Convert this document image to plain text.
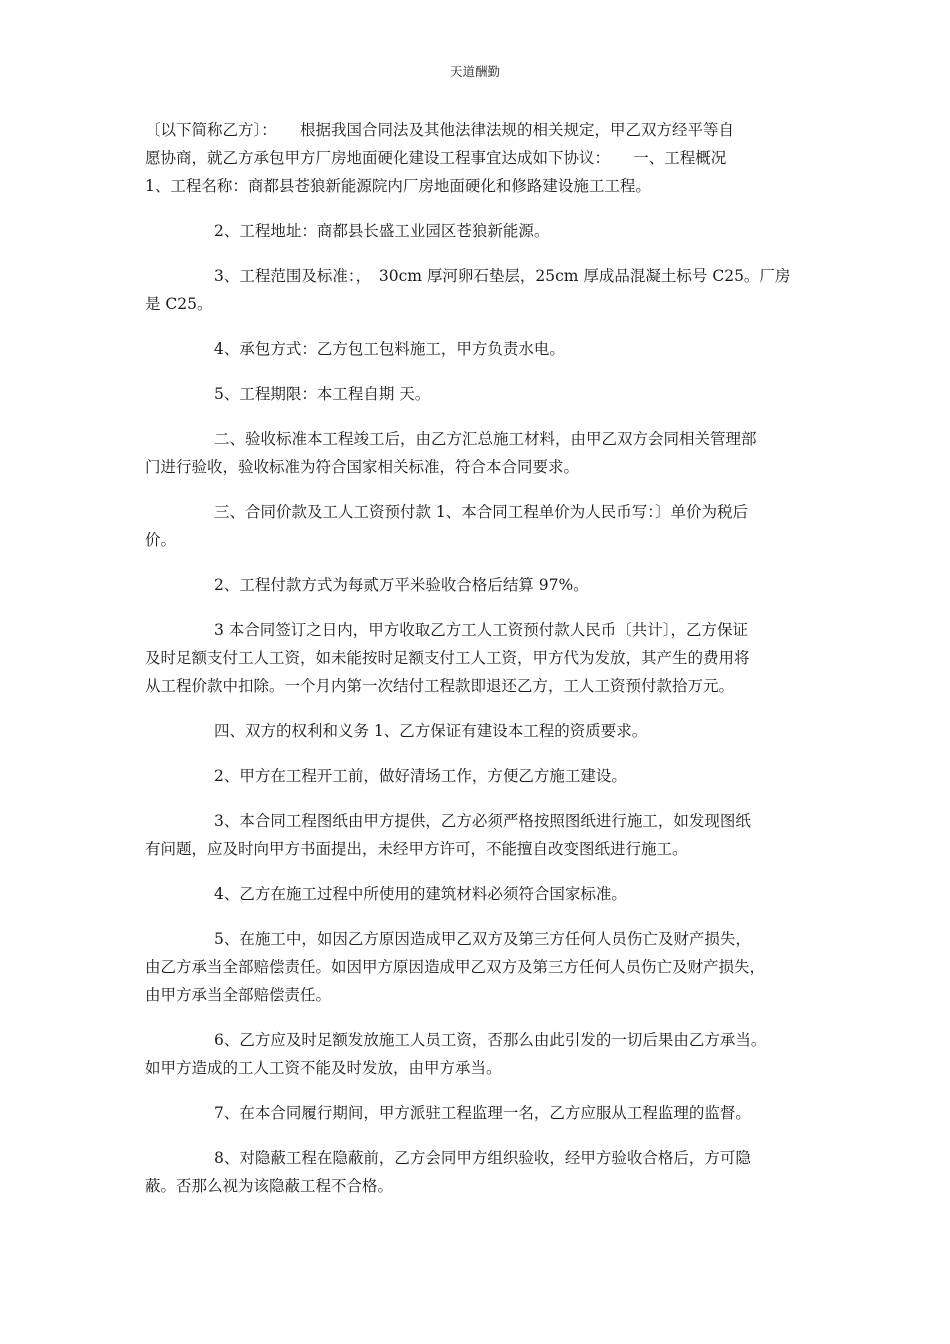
天道酬勤
〔以下简称乙方〕：　　根据我国合同法及其他法律法规的相关规定，甲乙双方经平等自
愿协商，就乙方承包甲方厂房地面硬化建设工程事宜达成如下协议：　　一、工程概况
1、工程名称：商都县苍狼新能源院内厂房地面硬化和修路建设施工工程。
2、工程地址：商都县长盛工业园区苍狼新能源。
3、工程范围及标准：，　30cm 厚河卵石垫层，25cm 厚成品混凝土标号 C25。厂房
是 C25。
4、承包方式：乙方包工包料施工，甲方负责水电。
5、工程期限：本工程自期 天。
二、验收标准本工程竣工后，由乙方汇总施工材料，由甲乙双方会同相关管理部
门进行验收，验收标准为符合国家相关标准，符合本合同要求。
三、合同价款及工人工资预付款 1、本合同工程单价为人民币写：〕单价为税后
价。
2、工程付款方式为每贰万平米验收合格后结算 97%。
3 本合同签订之日内，甲方收取乙方工人工资预付款人民币〔共计〕，乙方保证
及时足额支付工人工资，如未能按时足额支付工人工资，甲方代为发放，其产生的费用将
从工程价款中扣除。一个月内第一次结付工程款即退还乙方，工人工资预付款拾万元。
四、双方的权利和义务 1、乙方保证有建设本工程的资质要求。
2、甲方在工程开工前，做好清场工作，方便乙方施工建设。
3、本合同工程图纸由甲方提供，乙方必须严格按照图纸进行施工，如发现图纸
有问题，应及时向甲方书面提出，未经甲方许可，不能擅自改变图纸进行施工。
4、乙方在施工过程中所使用的建筑材料必须符合国家标准。
5、在施工中，如因乙方原因造成甲乙双方及第三方任何人员伤亡及财产损失，
由乙方承当全部赔偿责任。如因甲方原因造成甲乙双方及第三方任何人员伤亡及财产损失，
由甲方承当全部赔偿责任。
6、乙方应及时足额发放施工人员工资，否那么由此引发的一切后果由乙方承当。
如甲方造成的工人工资不能及时发放，由甲方承当。
7、在本合同履行期间，甲方派驻工程监理一名，乙方应服从工程监理的监督。
8、对隐蔽工程在隐蔽前，乙方会同甲方组织验收，经甲方验收合格后，方可隐
蔽。否那么视为该隐蔽工程不合格。
